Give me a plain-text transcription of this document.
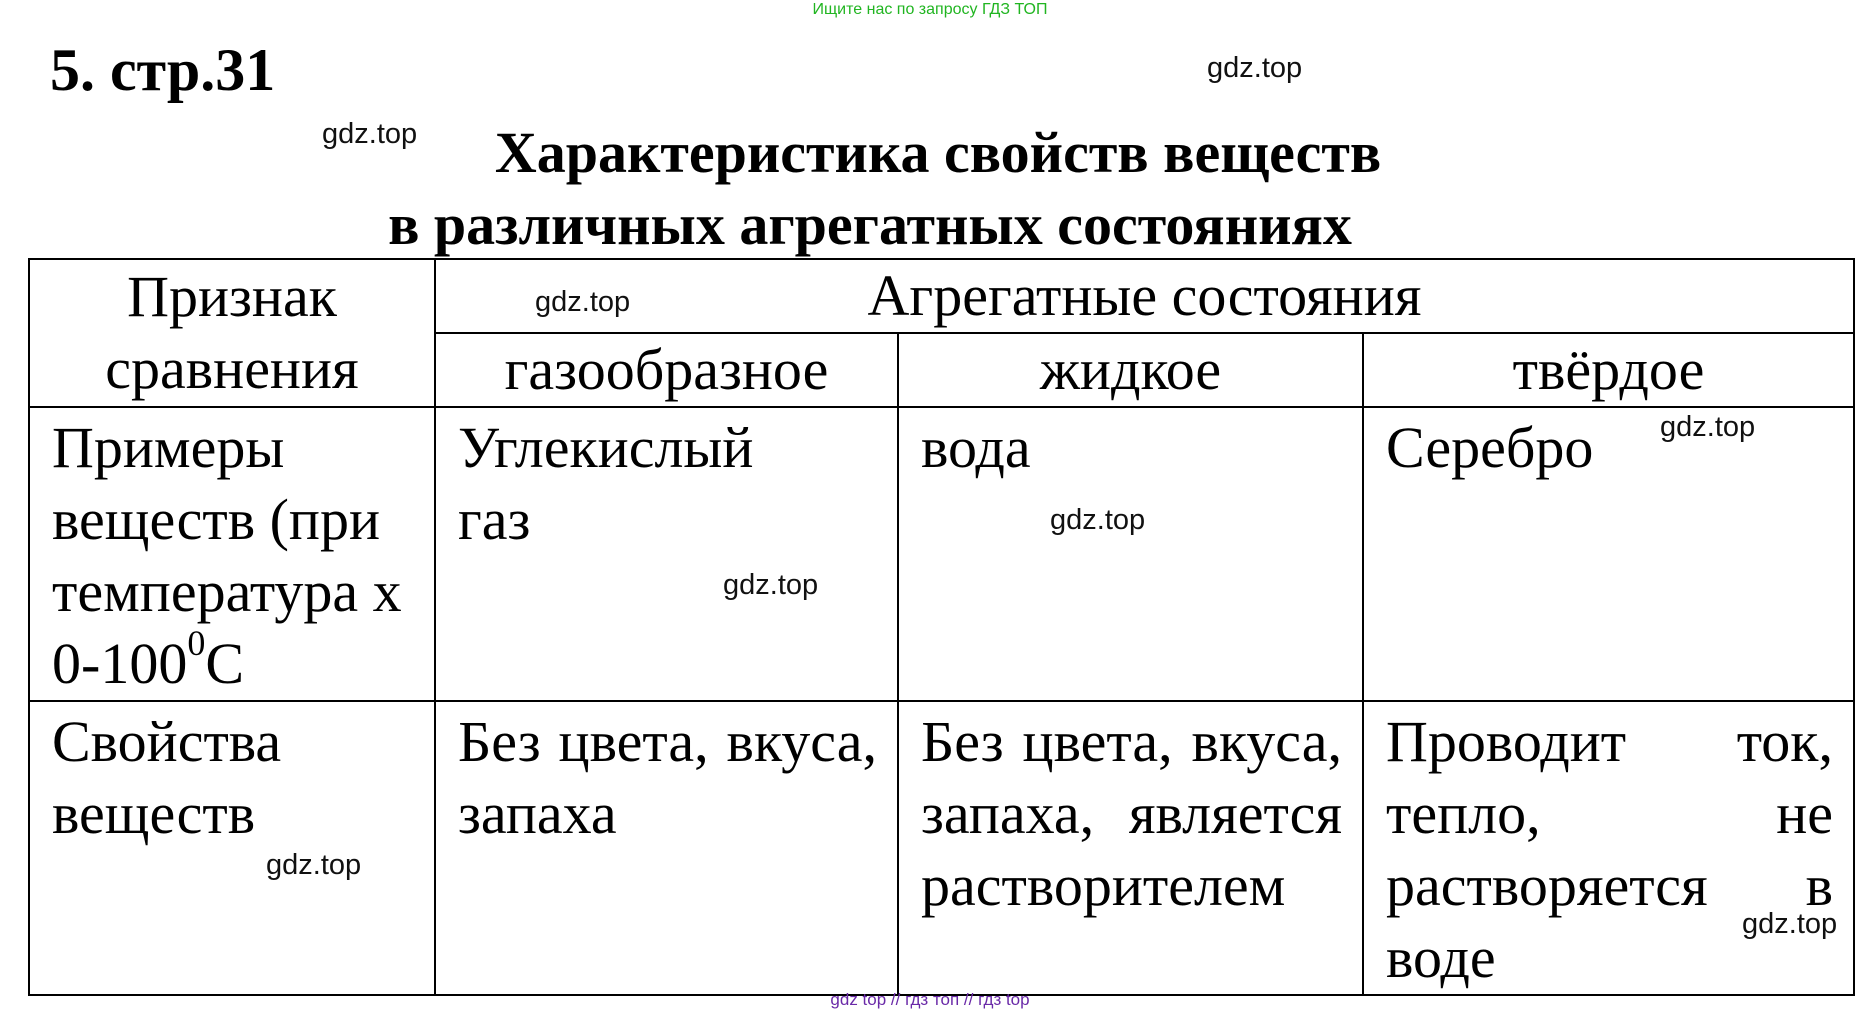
Ищите нас по запросу ГДЗ ТОП
5. стр.31
Характеристика свойств веществ
в различных агрегатных состояниях
Признак сравнения	Агрегатные состояния		
	газообразное	жидкое	твёрдое

Примеры веществ (при температура х $0-100^0С$	Углекислый газ	вода	Серебро

Свойства веществ	Без цвета, вкуса, запаха	Без цвета, вкуса, запаха, является растворителем	Проводит ток, тепло, не растворяется в воде
gdz.top
gdz.top
gdz.top
gdz.top
gdz.top
gdz.top
gdz.top
gdz.top
gdz top // гдз топ // гдз top
